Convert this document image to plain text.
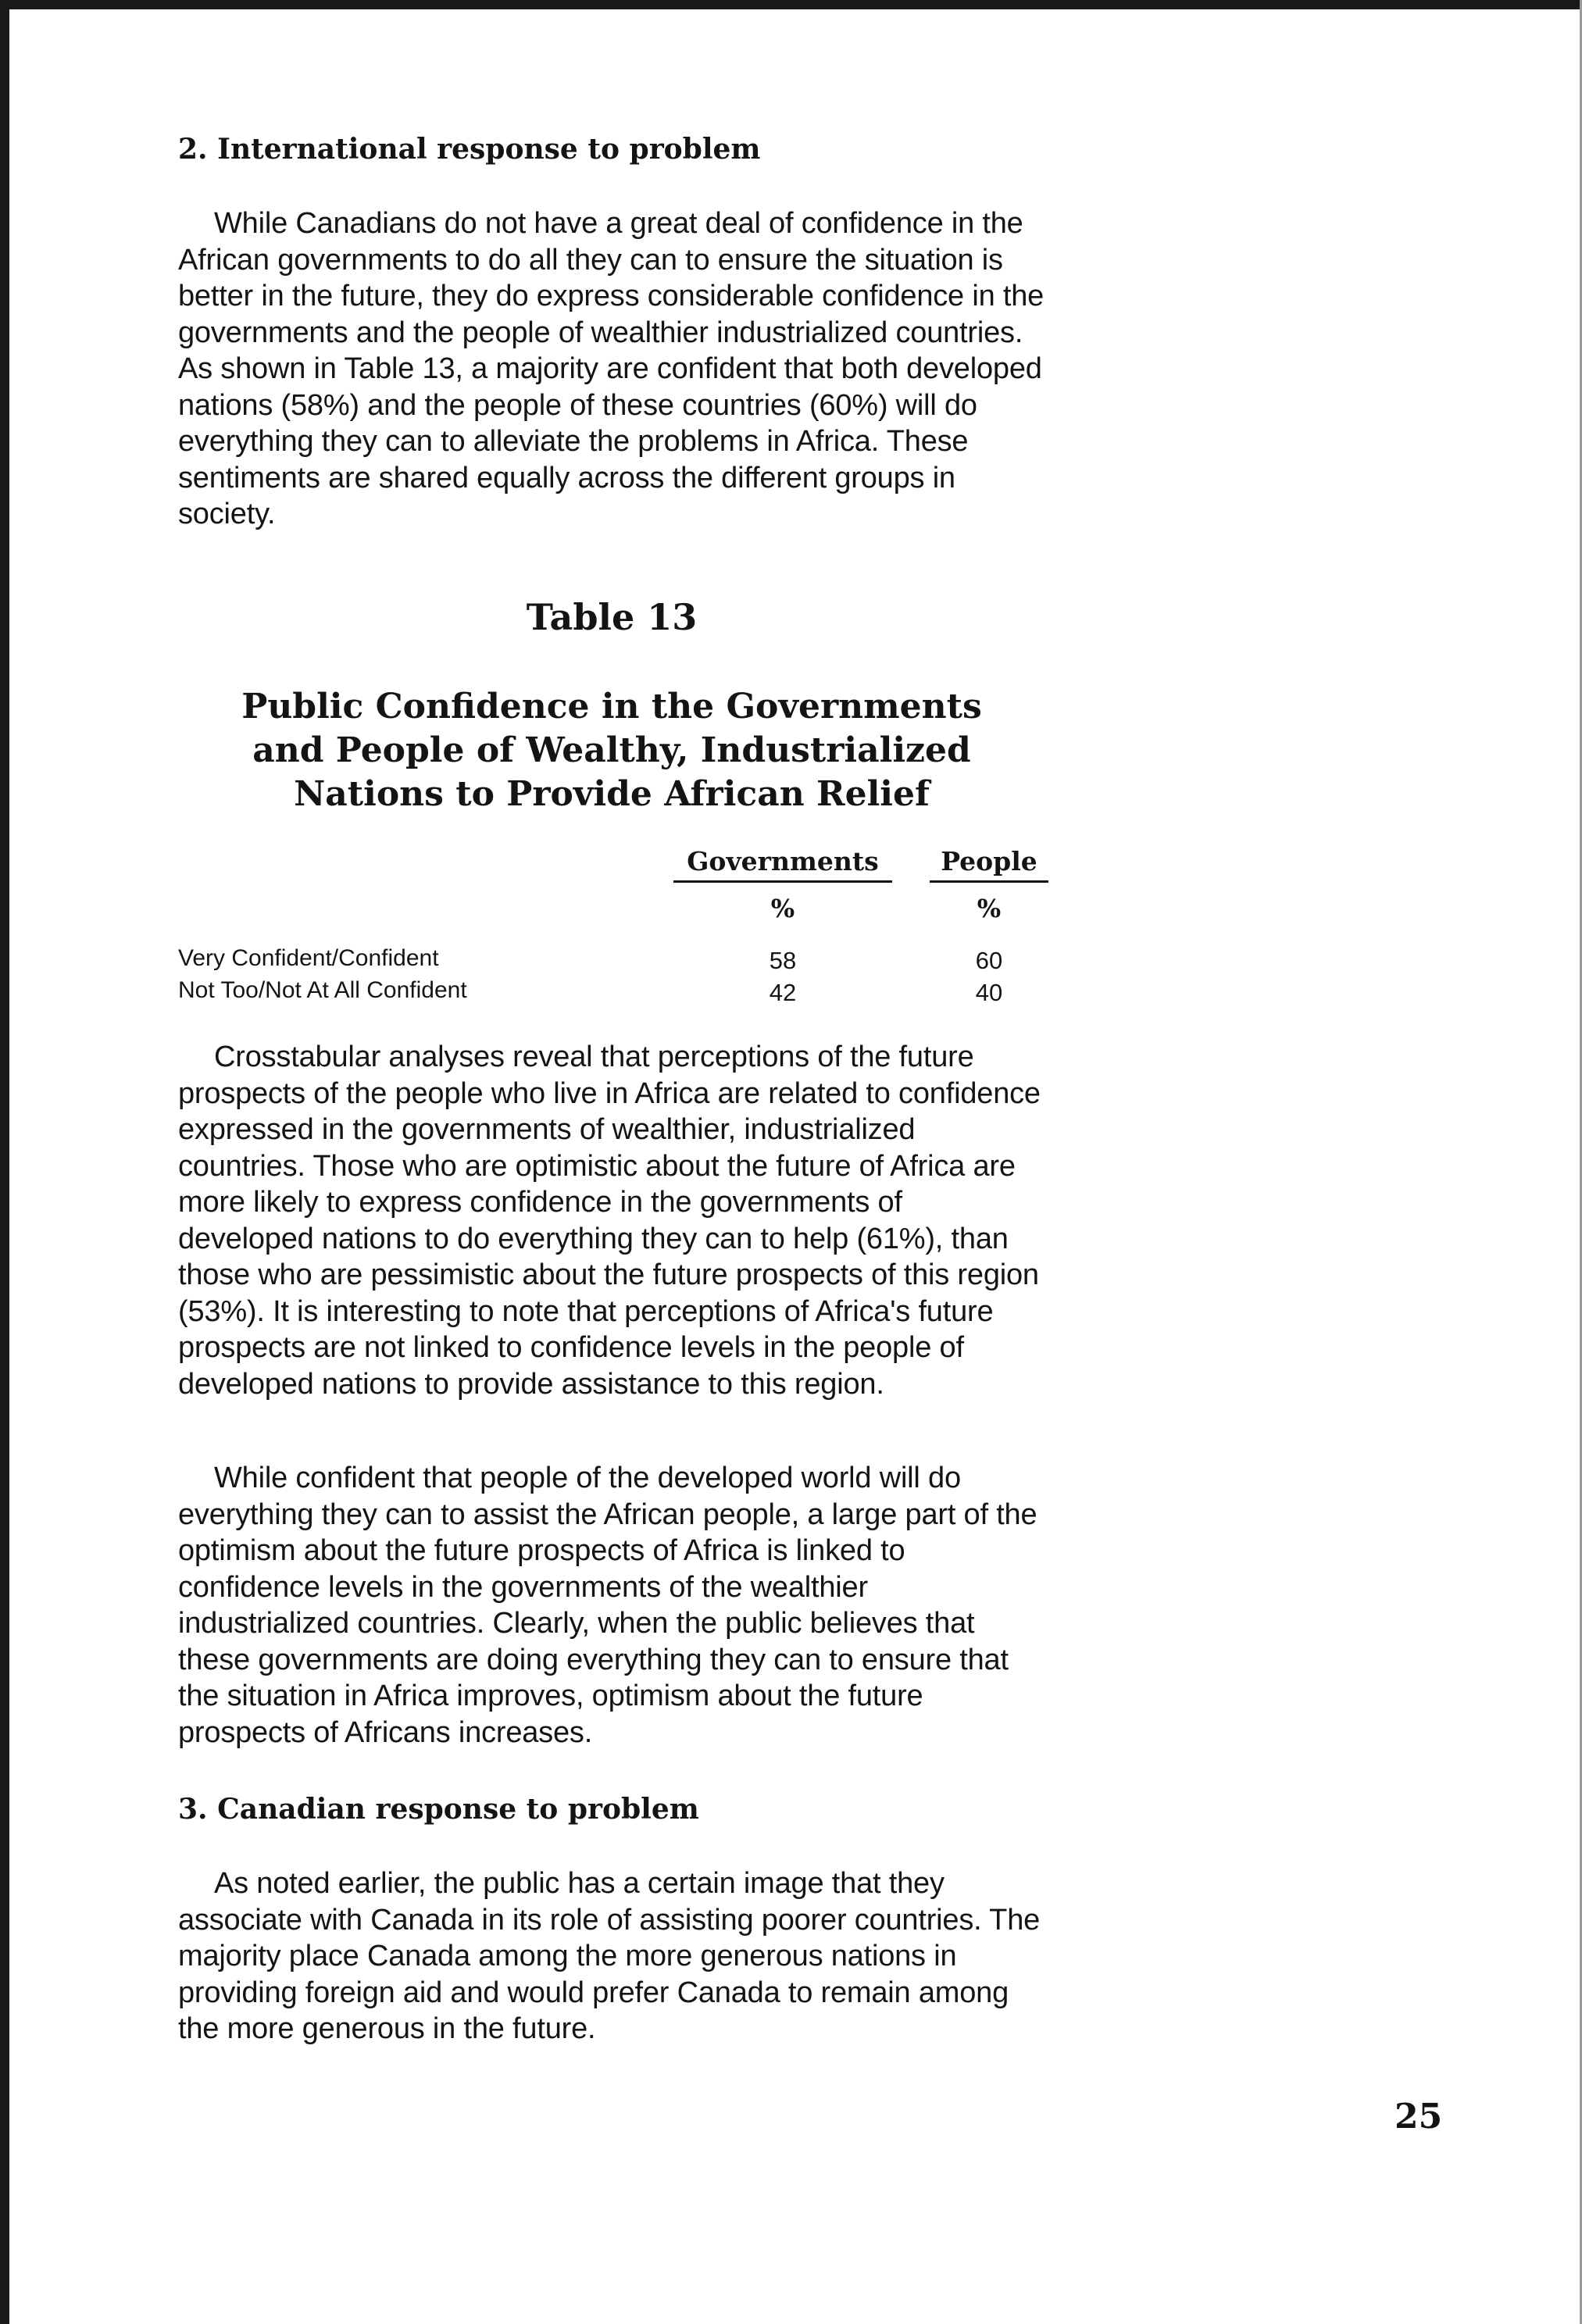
2. International response to problem

While Canadians do not have a great deal of confidence in the African governments to do all they can to ensure the situation is better in the future, they do express considerable confidence in the governments and the people of wealthier industrialized countries. As shown in Table 13, a majority are confident that both developed nations (58%) and the people of these countries (60%) will do everything they can to alleviate the problems in Africa. These sentiments are shared equally across the different groups in society.

Table 13
Public Confidence in the Governments
and People of Wealthy, Industrialized
Nations to Provide African Relief
Governments	People
%	%
Very Confident/Confident	58	60
Not Too/Not At All Confident	42	40

Crosstabular analyses reveal that perceptions of the future prospects of the people who live in Africa are related to confidence expressed in the governments of wealthier, industrialized countries. Those who are optimistic about the future of Africa are more likely to express confidence in the governments of developed nations to do everything they can to help (61%), than those who are pessimistic about the future prospects of this region (53%). It is interesting to note that perceptions of Africa's future prospects are not linked to confidence levels in the people of developed nations to provide assistance to this region.

While confident that people of the developed world will do everything they can to assist the African people, a large part of the optimism about the future prospects of Africa is linked to confidence levels in the governments of the wealthier industrialized countries. Clearly, when the public believes that these governments are doing everything they can to ensure that the situation in Africa improves, optimism about the future prospects of Africans increases.

3. Canadian response to problem

As noted earlier, the public has a certain image that they associate with Canada in its role of assisting poorer countries. The majority place Canada among the more generous nations in providing foreign aid and would prefer Canada to remain among the more generous in the future.

25
